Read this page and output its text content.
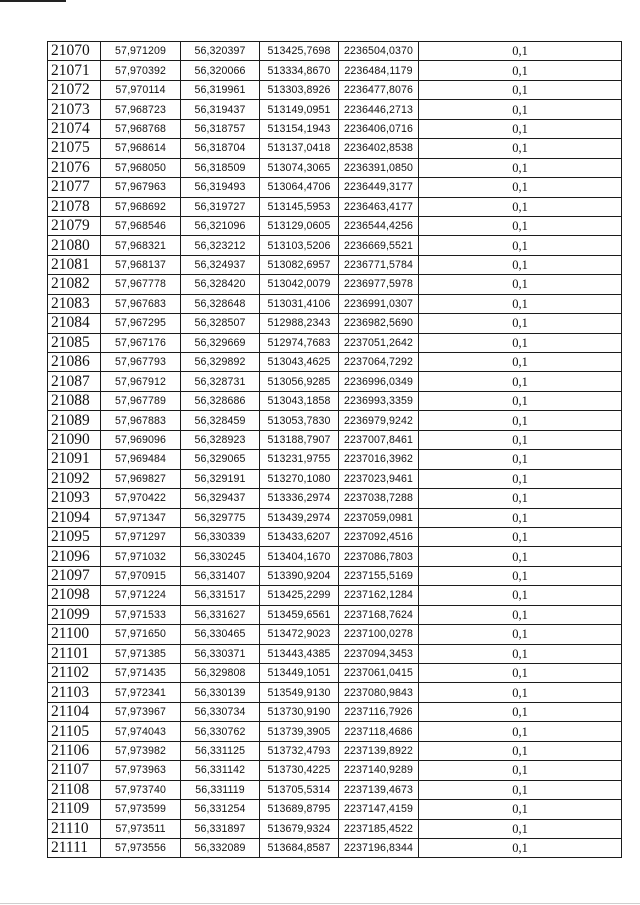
21070	57,971209	56,320397	513425,7698	2236504,0370	0,1
21071	57,970392	56,320066	513334,8670	2236484,1179	0,1
21072	57,970114	56,319961	513303,8926	2236477,8076	0,1
21073	57,968723	56,319437	513149,0951	2236446,2713	0,1
21074	57,968768	56,318757	513154,1943	2236406,0716	0,1
21075	57,968614	56,318704	513137,0418	2236402,8538	0,1
21076	57,968050	56,318509	513074,3065	2236391,0850	0,1
21077	57,967963	56,319493	513064,4706	2236449,3177	0,1
21078	57,968692	56,319727	513145,5953	2236463,4177	0,1
21079	57,968546	56,321096	513129,0605	2236544,4256	0,1
21080	57,968321	56,323212	513103,5206	2236669,5521	0,1
21081	57,968137	56,324937	513082,6957	2236771,5784	0,1
21082	57,967778	56,328420	513042,0079	2236977,5978	0,1
21083	57,967683	56,328648	513031,4106	2236991,0307	0,1
21084	57,967295	56,328507	512988,2343	2236982,5690	0,1
21085	57,967176	56,329669	512974,7683	2237051,2642	0,1
21086	57,967793	56,329892	513043,4625	2237064,7292	0,1
21087	57,967912	56,328731	513056,9285	2236996,0349	0,1
21088	57,967789	56,328686	513043,1858	2236993,3359	0,1
21089	57,967883	56,328459	513053,7830	2236979,9242	0,1
21090	57,969096	56,328923	513188,7907	2237007,8461	0,1
21091	57,969484	56,329065	513231,9755	2237016,3962	0,1
21092	57,969827	56,329191	513270,1080	2237023,9461	0,1
21093	57,970422	56,329437	513336,2974	2237038,7288	0,1
21094	57,971347	56,329775	513439,2974	2237059,0981	0,1
21095	57,971297	56,330339	513433,6207	2237092,4516	0,1
21096	57,971032	56,330245	513404,1670	2237086,7803	0,1
21097	57,970915	56,331407	513390,9204	2237155,5169	0,1
21098	57,971224	56,331517	513425,2299	2237162,1284	0,1
21099	57,971533	56,331627	513459,6561	2237168,7624	0,1
21100	57,971650	56,330465	513472,9023	2237100,0278	0,1
21101	57,971385	56,330371	513443,4385	2237094,3453	0,1
21102	57,971435	56,329808	513449,1051	2237061,0415	0,1
21103	57,972341	56,330139	513549,9130	2237080,9843	0,1
21104	57,973967	56,330734	513730,9190	2237116,7926	0,1
21105	57,974043	56,330762	513739,3905	2237118,4686	0,1
21106	57,973982	56,331125	513732,4793	2237139,8922	0,1
21107	57,973963	56,331142	513730,4225	2237140,9289	0,1
21108	57,973740	56,331119	513705,5314	2237139,4673	0,1
21109	57,973599	56,331254	513689,8795	2237147,4159	0,1
21110	57,973511	56,331897	513679,9324	2237185,4522	0,1
21111	57,973556	56,332089	513684,8587	2237196,8344	0,1
